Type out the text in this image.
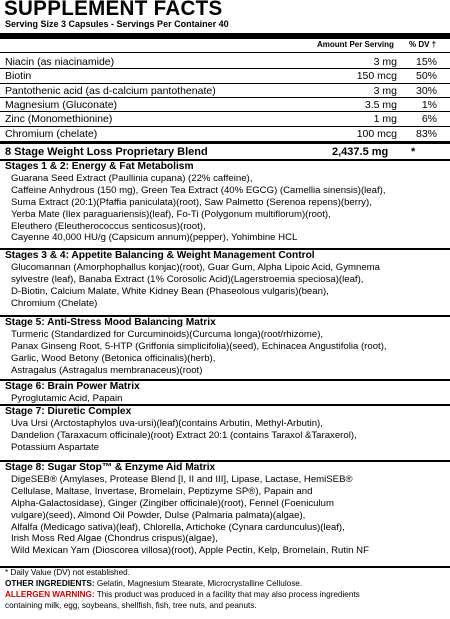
SUPPLEMENT FACTS
Serving Size 3 Capsules - Servings Per Container 40
Amount Per Serving % DV †
Niacin (as niacinamide)	3 mg 15%
Biotin	150 mcg 50%
Pantothenic acid (as d-calcium pantothenate)	3 mg 30%
Magnesium (Gluconate)	3.5 mg 1%
Zinc (Monomethionine)	1 mg 6%
Chromium (chelate)	100 mcg 83%
8 Stage Weight Loss Proprietary Blend	2,437.5 mg *
Stages 1 & 2: Energy & Fat Metabolism
Guarana Seed Extract (Paullinia cupana) (22% caffeine),
Caffeine Anhydrous (150 mg), Green Tea Extract (40% EGCG) (Camellia sinensis)(leaf),
Suma Extract (20:1)(Pfaffia paniculata)(root), Saw Palmetto (Serenoa repens)(berry),
Yerba Mate (Ilex paraguariensis)(leaf), Fo-Ti (Polygonum multiflorum)(root),
Eleuthero (Eleutherococcus senticosus)(root),
Cayenne 40,000 HU/g (Capsicum annum)(pepper), Yohimbine HCL
Stages 3 & 4: Appetite Balancing & Weight Management Control
Glucomannan (Amorphophallus konjac)(root), Guar Gum, Alpha Lipoic Acid, Gymnema
sylvestre (leaf), Banaba Extract (1% Corosolic Acid)(Lagerstroemia speciosa)(leaf),
D-Biotin, Calcium Malate, White Kidney Bean (Phaseolous vulgaris)(bean),
Chromium (Chelate)
Stage 5: Anti-Stress Mood Balancing Matrix
Turmeric (Standardized for Curcuminoids)(Curcuma longa)(root/rhizome),
Panax Ginseng Root, 5-HTP (Griffonia simplicifolia)(seed), Echinacea Angustifolia (root),
Garlic, Wood Betony (Betonica officinalis)(herb),
Astragalus (Astragalus membranaceus)(root)
Stage 6: Brain Power Matrix
Pyroglutamic Acid, Papain
Stage 7: Diuretic Complex
Uva Ursi (Arctostaphylos uva-ursi)(leaf)(contains Arbutin, Methyl-Arbutin),
Dandelion (Taraxacum officinale)(root) Extract 20:1 (contains Taraxol &Taraxerol),
Potassium Aspartate
Stage 8: Sugar Stop™ & Enzyme Aid Matrix
DigeSEB® (Amylases, Protease Blend [I, II and III], Lipase, Lactase, HemiSEB®
Cellulase, Maltase, Invertase, Bromelain, Peptizyme SP®), Papain and
Alpha-Galactosidase), Ginger (Zingiber officinale)(root), Fennel (Foeniculum
vulgare)(seed), Almond Oil Powder, Dulse (Palmaria palmata)(algae),
Alfalfa (Medicago sativa)(leaf), Chlorella, Artichoke (Cynara cardunculus)(leaf),
Irish Moss Red Algae (Chondrus crispus)(algae),
Wild Mexican Yam (Dioscorea villosa)(root), Apple Pectin, Kelp, Bromelain, Rutin NF
* Daily Value (DV) not established.
OTHER INGREDIENTS: Gelatin, Magnesium Stearate, Microcrystalline Cellulose.
ALLERGEN WARNING: This product was produced in a facility that may also process ingredients
containing milk, egg, soybeans, shellfish, fish, tree nuts, and peanuts.
